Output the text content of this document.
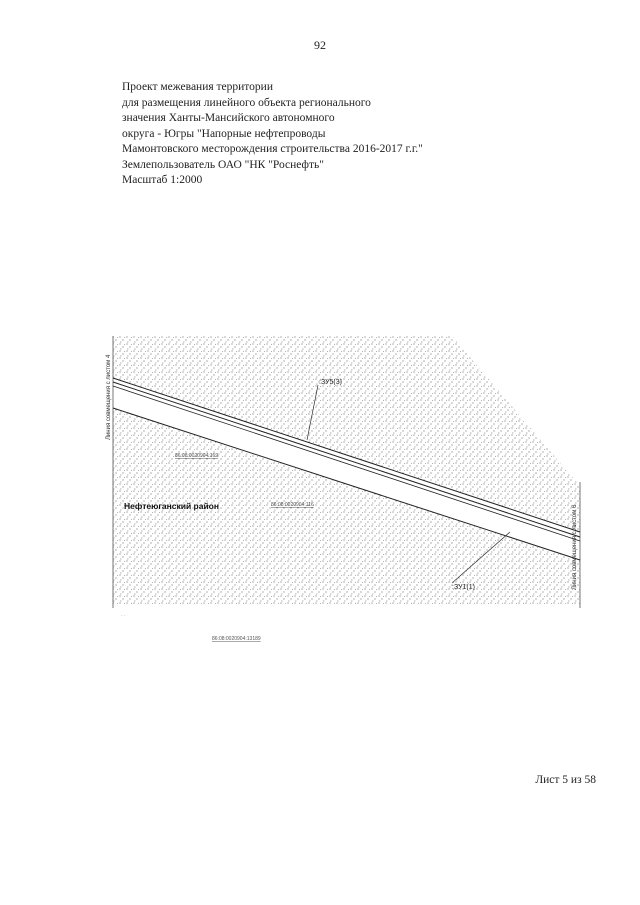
92
Проект межевания территории
для размещения линейного объекта регионального
значения Ханты-Мансийского автономного
округа - Югры "Напорные нефтепроводы
Мамонтовского месторождения строительства 2016-2017 г.г."
Землепользователь ОАО "НК "Роснефть"
Масштаб 1:2000
Линия совмещения с листом 4
Линия совмещения с листом 6
Нефтеюганский район
:ЗУ5(3)
:ЗУ1(1)
86:08:0020904:169
86:08:0020904:116
86:08:0020904:13189
· ·
Лист 5 из 58
